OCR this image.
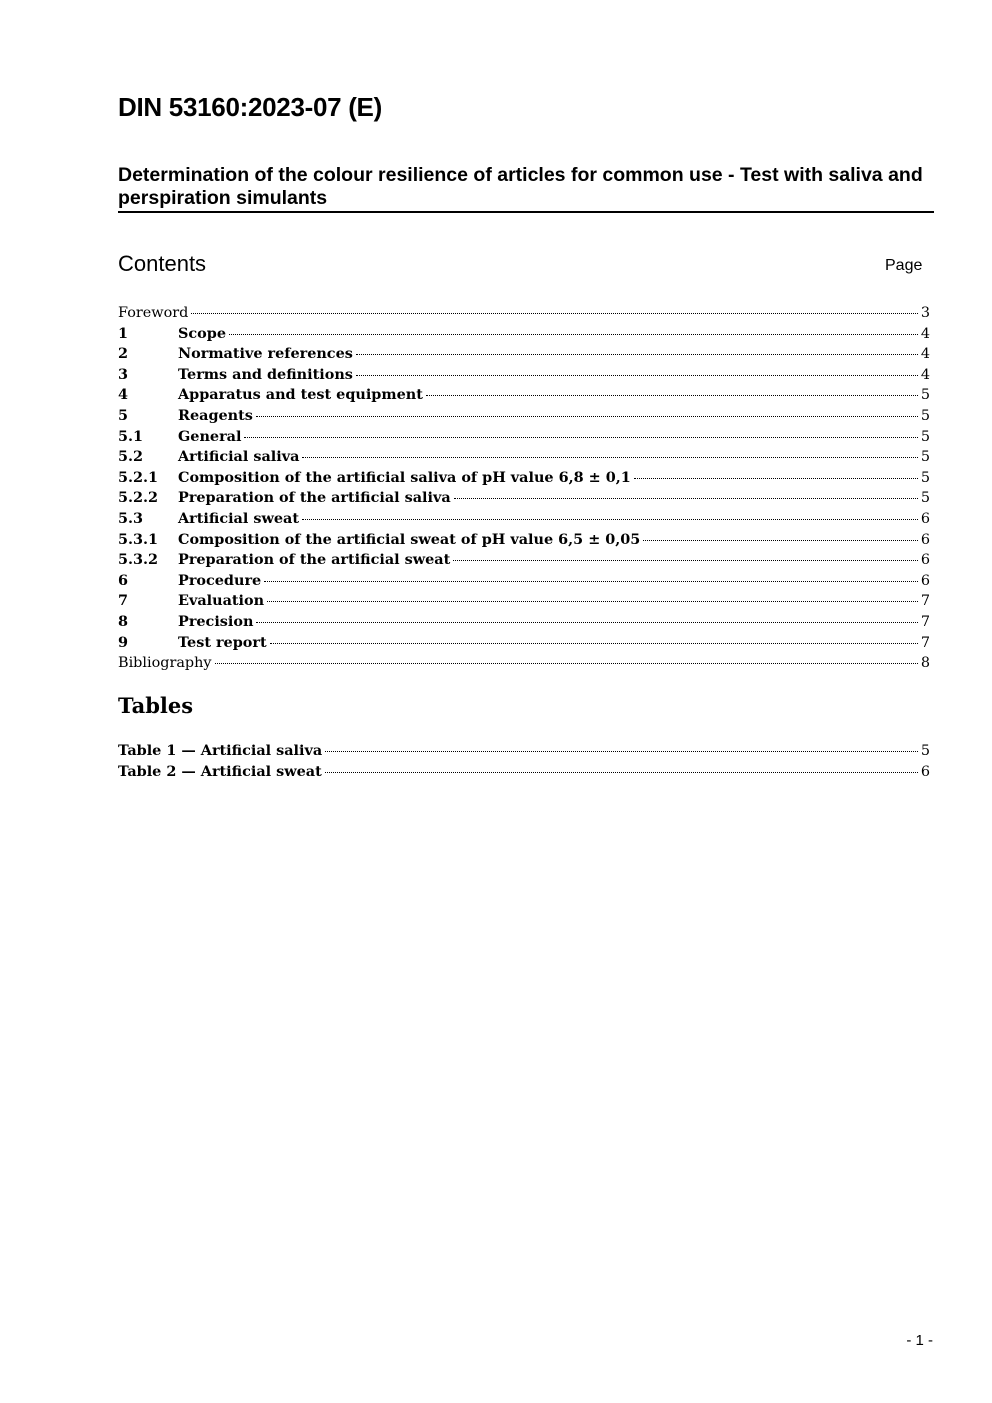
DIN 53160:2023-07 (E)
Determination of the colour resilience of articles for common use - Test with saliva and perspiration simulants
Contents	Page
Foreword	3
1	Scope	4
2	Normative references	4
3	Terms and definitions	4
4	Apparatus and test equipment	5
5	Reagents	5
5.1	General	5
5.2	Artificial saliva	5
5.2.1	Composition of the artificial saliva of pH value 6,8 ± 0,1	5
5.2.2	Preparation of the artificial saliva	5
5.3	Artificial sweat	6
5.3.1	Composition of the artificial sweat of pH value 6,5 ± 0,05	6
5.3.2	Preparation of the artificial sweat	6
6	Procedure	6
7	Evaluation	7
8	Precision	7
9	Test report	7
Bibliography	8
Tables
Table 1 — Artificial saliva	5
Table 2 — Artificial sweat	6
- 1 -
